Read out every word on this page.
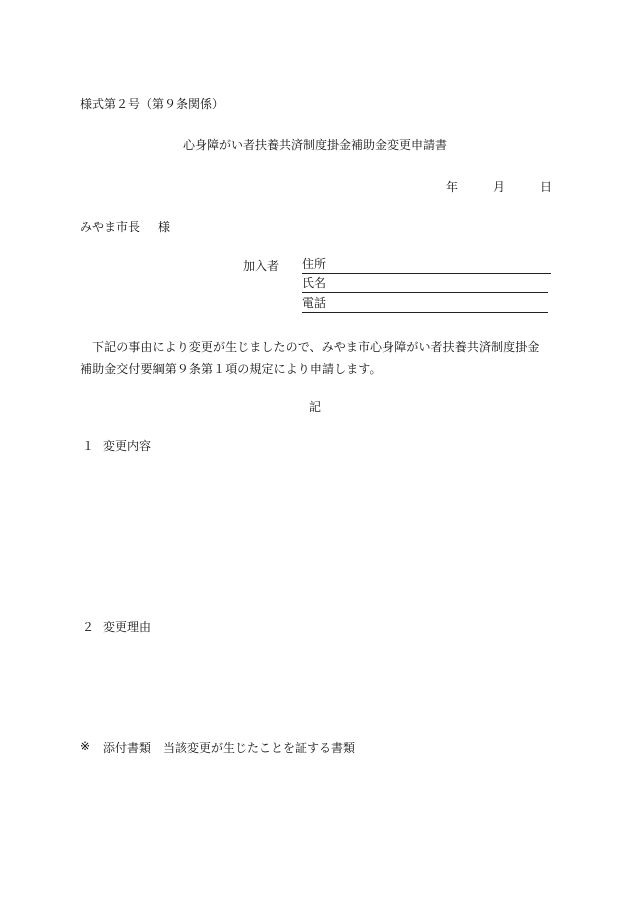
様式第２号（第９条関係）
心身障がい者扶養共済制度掛金補助金変更申請書
年	月	日
みやま市長 様
加入者 住所
氏名
電話
下記の事由により変更が生じましたので、みやま市心身障がい者扶養共済制度掛金補助金交付要綱第９条第１項の規定により申請します。
記
１ 変更内容
２ 変更理由
※ 添付書類 当該変更が生じたことを証する書類
